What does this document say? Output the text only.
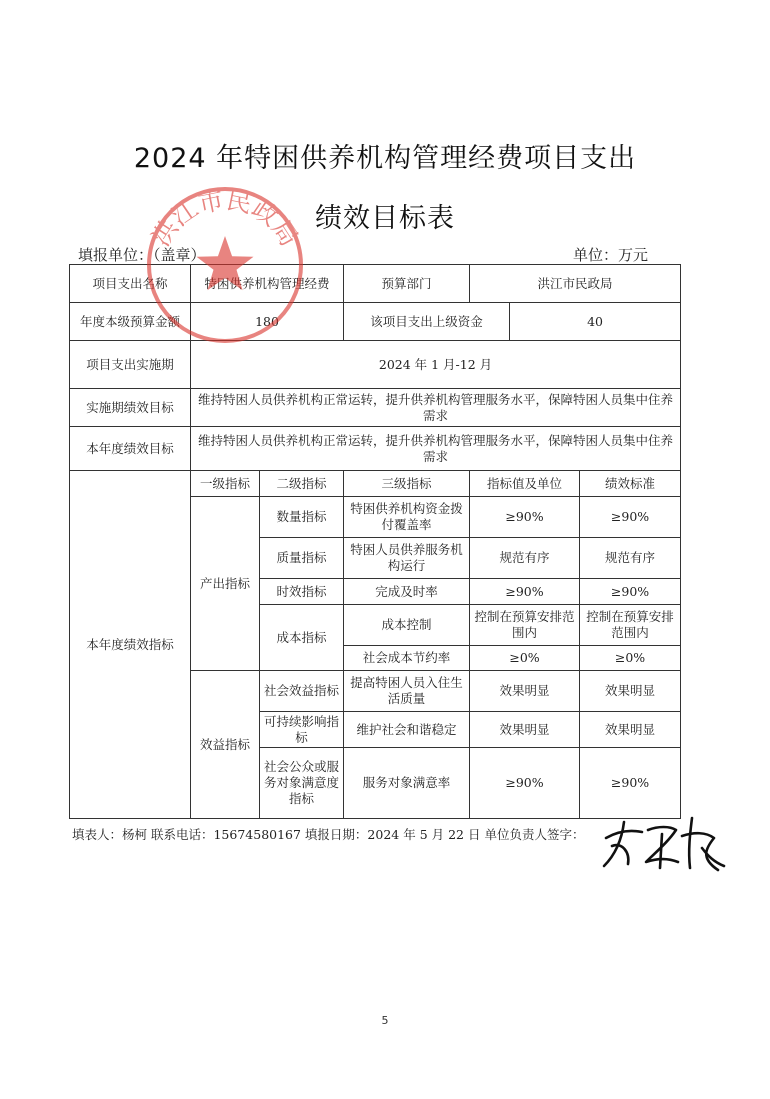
2024 年特困供养机构管理经费项目支出
绩效目标表
填报单位：（盖章）	单位：万元
项目支出名称	特困供养机构管理经费		预算部门	洪江市民政局		
年度本级预算金额	180		该项目支出上级资金		40	
项目支出实施期	2024 年 1 月-12 月					
实施期绩效目标	维持特困人员供养机构正常运转，提升供养机构管理服务水平，保障特困人员集中住养需求					
本年度绩效目标	维持特困人员供养机构正常运转，提升供养机构管理服务水平，保障特困人员集中住养需求					
本年度绩效指标	一级指标	二级指标	三级指标	指标值及单位		绩效标准
	产出指标	数量指标	特困供养机构资金拨付覆盖率	≥90%		≥90%
		质量指标	特困人员供养服务机构运行	规范有序		规范有序
		时效指标	完成及时率	≥90%		≥90%
		成本指标	成本控制	控制在预算安排范围内		控制在预算安排范围内
			社会成本节约率	≥0%		≥0%
	效益指标	社会效益指标	提高特困人员入住生活质量	效果明显		效果明显
		可持续影响指标	维护社会和谐稳定	效果明显		效果明显
		社会公众或服务对象满意度指标	服务对象满意率	≥90%		≥90%
洪江市民政局
填表人：杨柯 联系电话：15674580167 填报日期：2024 年 5 月 22 日 单位负责人签字：
5
